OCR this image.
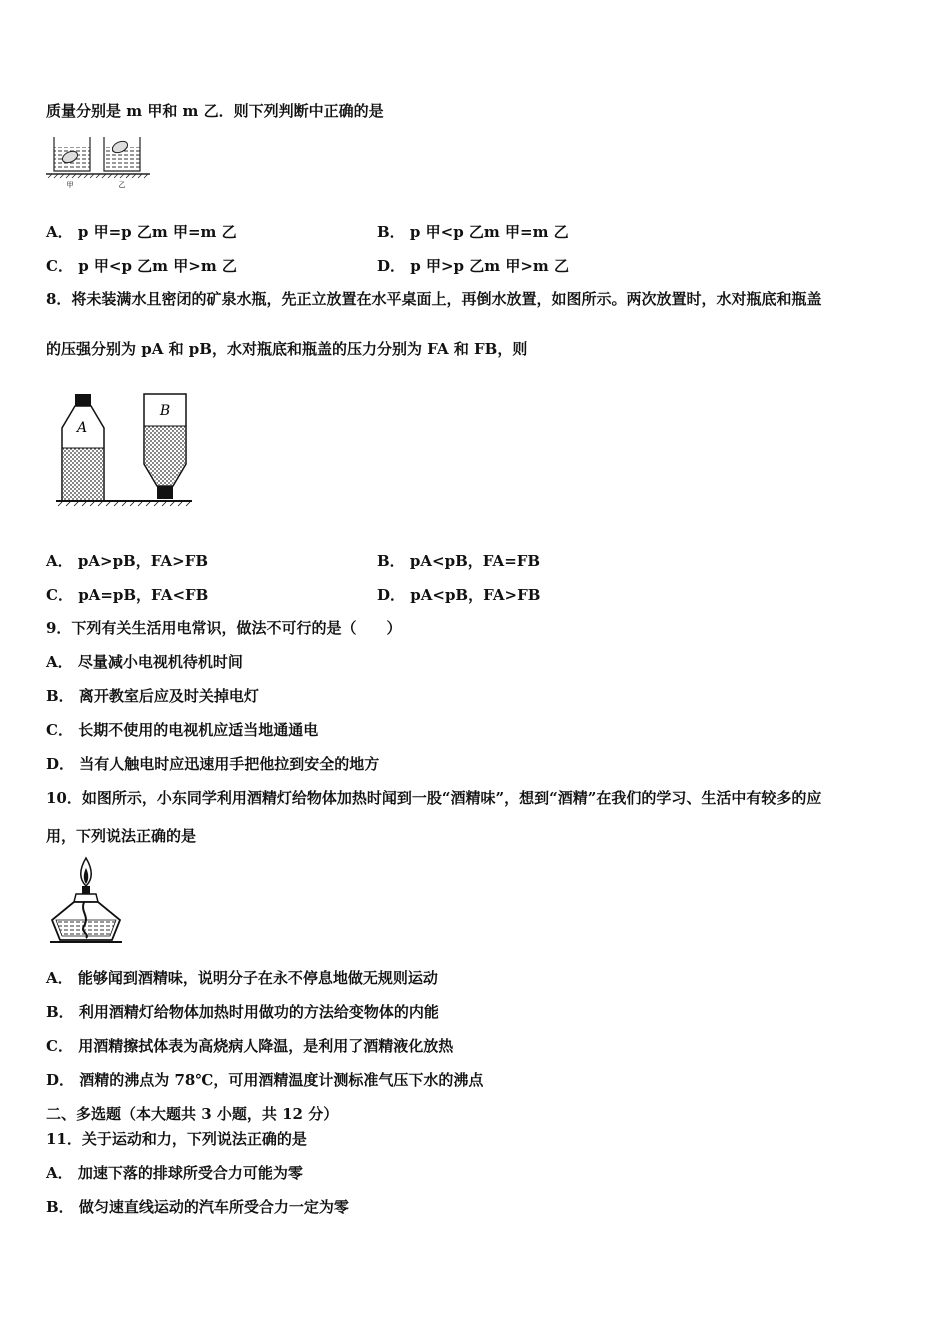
质量分别是 m 甲和 m 乙．则下列判断中正确的是
甲	乙
A． p 甲=p 乙m 甲=m 乙	B． p 甲<p 乙m 甲=m 乙
C． p 甲<p 乙m 甲>m 乙	D． p 甲>p 乙m 甲>m 乙
8．将未装满水且密闭的矿泉水瓶，先正立放置在水平桌面上，再倒水放置，如图所示。两次放置时，水对瓶底和瓶盖
的压强分别为 pA 和 pB，水对瓶底和瓶盖的压力分别为 FA 和 FB，则
A
B
A． pA>pB，FA>FB	B． pA<pB，FA=FB
C． pA=pB，FA<FB	D． pA<pB，FA>FB
9．下列有关生活用电常识，做法不可行的是（　　）
A． 尽量减小电视机待机时间
B． 离开教室后应及时关掉电灯
C． 长期不使用的电视机应适当地通通电
D． 当有人触电时应迅速用手把他拉到安全的地方
10．如图所示，小东同学利用酒精灯给物体加热时闻到一股“酒精味”，想到“酒精”在我们的学习、生活中有较多的应
用，下列说法正确的是
A． 能够闻到酒精味，说明分子在永不停息地做无规则运动
B． 利用酒精灯给物体加热时用做功的方法给变物体的内能
C． 用酒精擦拭体表为高烧病人降温，是利用了酒精液化放热
D． 酒精的沸点为 78℃，可用酒精温度计测标准气压下水的沸点
二、多选题（本大题共 3 小题，共 12 分）
11．关于运动和力，下列说法正确的是
A． 加速下落的排球所受合力可能为零
B． 做匀速直线运动的汽车所受合力一定为零
